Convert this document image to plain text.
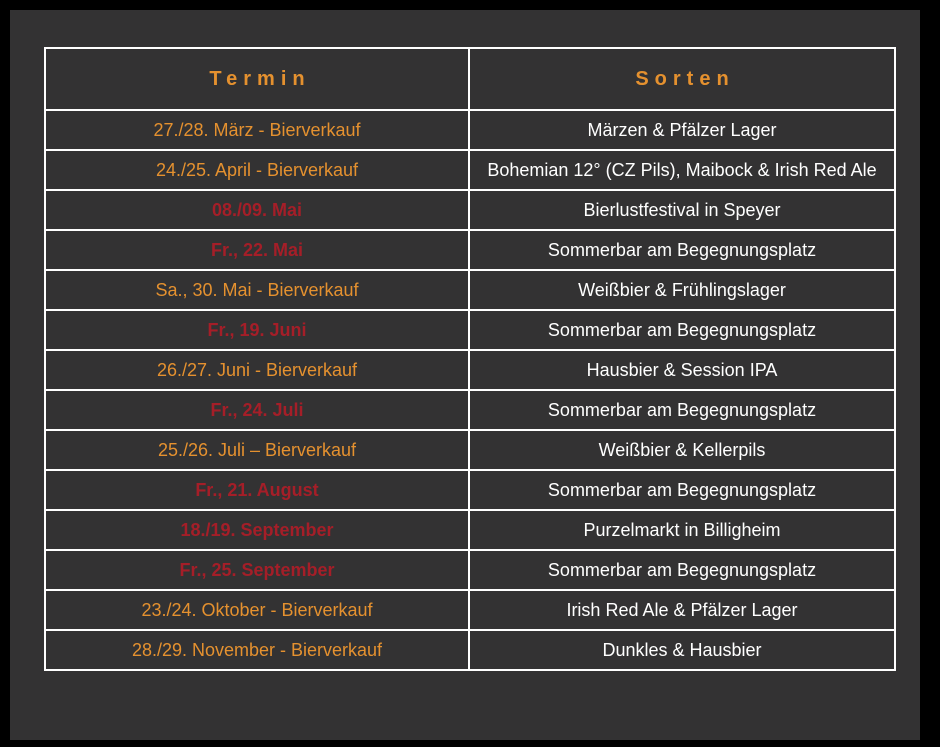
Termin	Sorten
27./28. März - Bierverkauf	Märzen & Pfälzer Lager
24./25. April - Bierverkauf	Bohemian 12° (CZ Pils), Maibock & Irish Red Ale
08./09. Mai	Bierlustfestival in Speyer
Fr., 22. Mai	Sommerbar am Begegnungsplatz
Sa., 30. Mai - Bierverkauf	Weißbier & Frühlingslager
Fr., 19. Juni	Sommerbar am Begegnungsplatz
26./27. Juni - Bierverkauf	Hausbier & Session IPA
Fr., 24. Juli	Sommerbar am Begegnungsplatz
25./26. Juli – Bierverkauf	Weißbier & Kellerpils
Fr., 21. August	Sommerbar am Begegnungsplatz
18./19. September	Purzelmarkt in Billigheim
Fr., 25. September	Sommerbar am Begegnungsplatz
23./24. Oktober - Bierverkauf	Irish Red Ale & Pfälzer Lager
28./29. November - Bierverkauf	Dunkles & Hausbier
